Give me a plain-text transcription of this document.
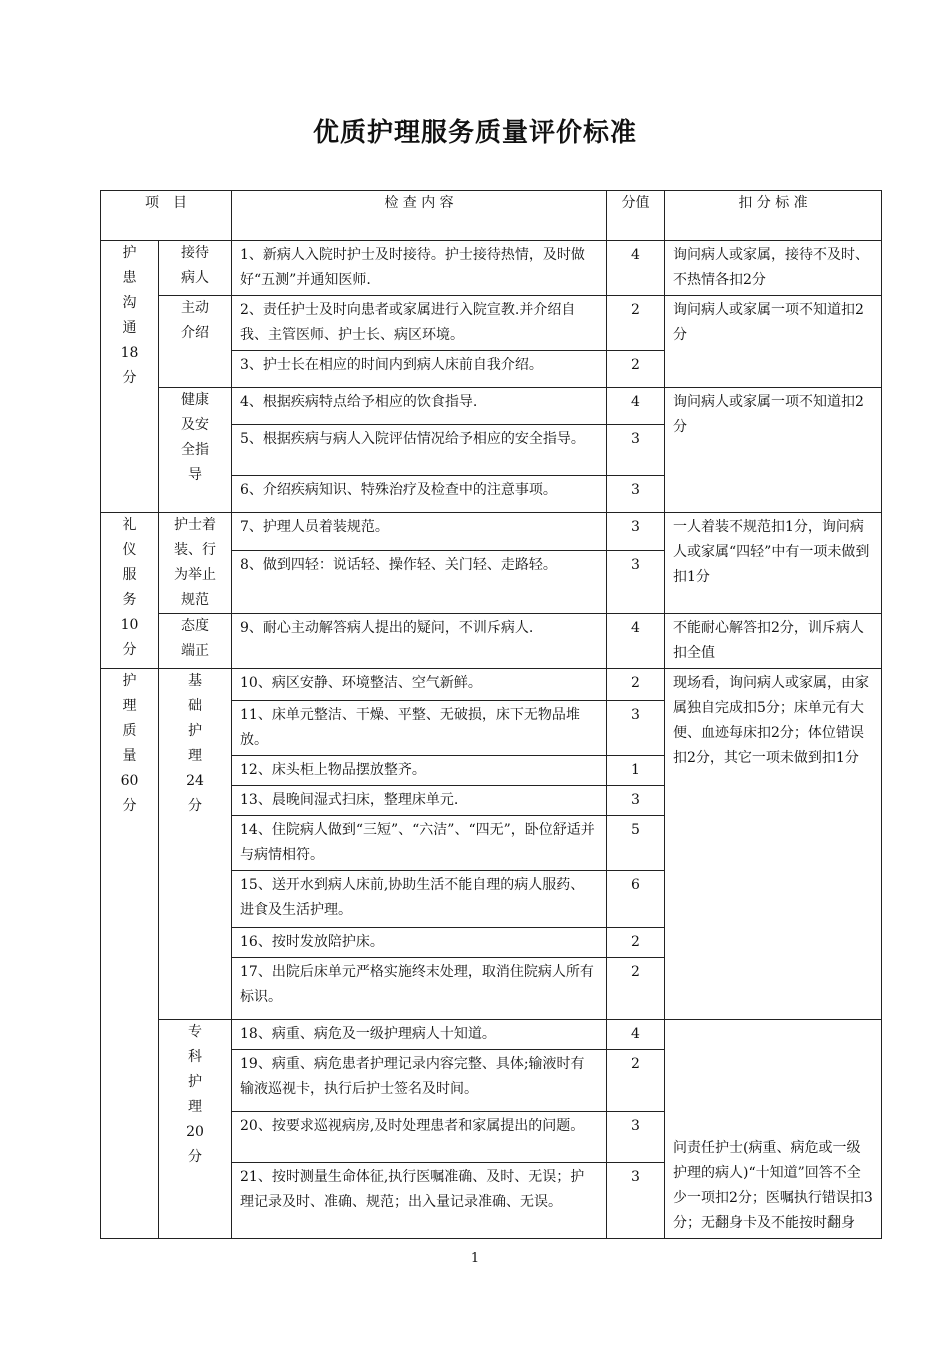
优质护理服务质量评价标准
项　目		检 查 内 容	分值	扣 分 标 准
护患沟通18分	接待病人	1、新病人入院时护士及时接待。护士接待热情，及时做好“五测”并通知医师.	4	询问病人或家属，接待不及时、不热情各扣2分
	主动介绍	2、责任护士及时向患者或家属进行入院宣教.并介绍自我、主管医师、护士长、病区环境。	2	询问病人或家属一项不知道扣2分
		3、护士长在相应的时间内到病人床前自我介绍。	2	
	健康及安全指导	4、根据疾病特点给予相应的饮食指导.	4	询问病人或家属一项不知道扣2分
		5、根据疾病与病人入院评估情况给予相应的安全指导。	3	
		6、介绍疾病知识、特殊治疗及检查中的注意事项。	3	
礼仪服务10分	护士着装、行为举止规范	7、护理人员着装规范。	3	一人着装不规范扣1分，询问病人或家属“四轻”中有一项未做到扣1分
		8、做到四轻：说话轻、操作轻、关门轻、走路轻。	3	
	态度端正	9、耐心主动解答病人提出的疑问，不训斥病人.	4	不能耐心解答扣2分，训斥病人扣全值
护理质量60分	基础护理24分	10、病区安静、环境整洁、空气新鲜。	2	现场看，询问病人或家属，由家属独自完成扣5分；床单元有大便、血迹每床扣2分；体位错误扣2分，其它一项未做到扣1分
		11、床单元整洁、干燥、平整、无破损，床下无物品堆放。	3	
		12、床头柜上物品摆放整齐。	1	
		13、晨晚间湿式扫床，整理床单元.	3	
		14、住院病人做到“三短”、“六洁”、“四无”，卧位舒适并与病情相符。	5	
		15、送开水到病人床前,协助生活不能自理的病人服药、进食及生活护理。	6	
		16、按时发放陪护床。	2	
		17、出院后床单元严格实施终末处理，取消住院病人所有标识。	2	
	专科护理20分	18、病重、病危及一级护理病人十知道。	4	问责任护士(病重、病危或一级护理的病人)“十知道”回答不全少一项扣2分；医嘱执行错误扣3分；无翻身卡及不能按时翻身
		19、病重、病危患者护理记录内容完整、具体;输液时有输液巡视卡，执行后护士签名及时间。	2	
		20、按要求巡视病房,及时处理患者和家属提出的问题。	3	
		21、按时测量生命体征,执行医嘱准确、及时、无误；护理记录及时、准确、规范；出入量记录准确、无误。	3	
1
